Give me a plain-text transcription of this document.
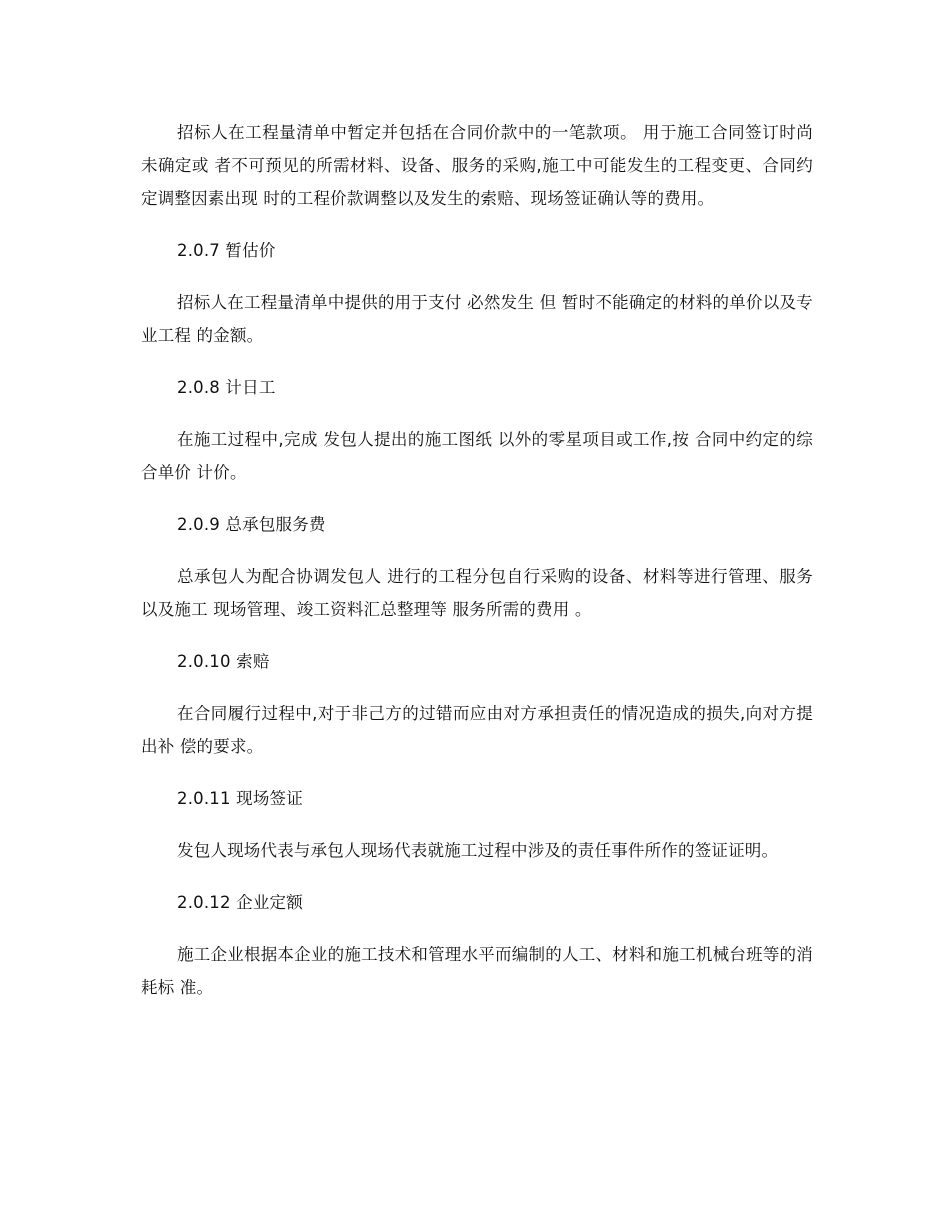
招标人在工程量清单中暂定并包括在合同价款中的一笔款项。 用于施工合同签订时尚未确定或 者不可预见的所需材料、设备、服务的采购,施工中可能发生的工程变更、合同约定调整因素出现 时的工程价款调整以及发生的索赔、现场签证确认等的费用。

2.0.7 暂估价

招标人在工程量清单中提供的用于支付 必然发生 但 暂时不能确定的材料的单价以及专业工程 的金额。

2.0.8 计日工

在施工过程中,完成 发包人提出的施工图纸 以外的零星项目或工作,按 合同中约定的综合单价 计价。

2.0.9 总承包服务费

总承包人为配合协调发包人 进行的工程分包自行采购的设备、材料等进行管理、服务以及施工 现场管理、竣工资料汇总整理等 服务所需的费用 。

2.0.10 索赔

在合同履行过程中,对于非己方的过错而应由对方承担责任的情况造成的损失,向对方提出补 偿的要求。

2.0.11 现场签证

发包人现场代表与承包人现场代表就施工过程中涉及的责任事件所作的签证证明。

2.0.12 企业定额

施工企业根据本企业的施工技术和管理水平而编制的人工、材料和施工机械台班等的消耗标 准。
